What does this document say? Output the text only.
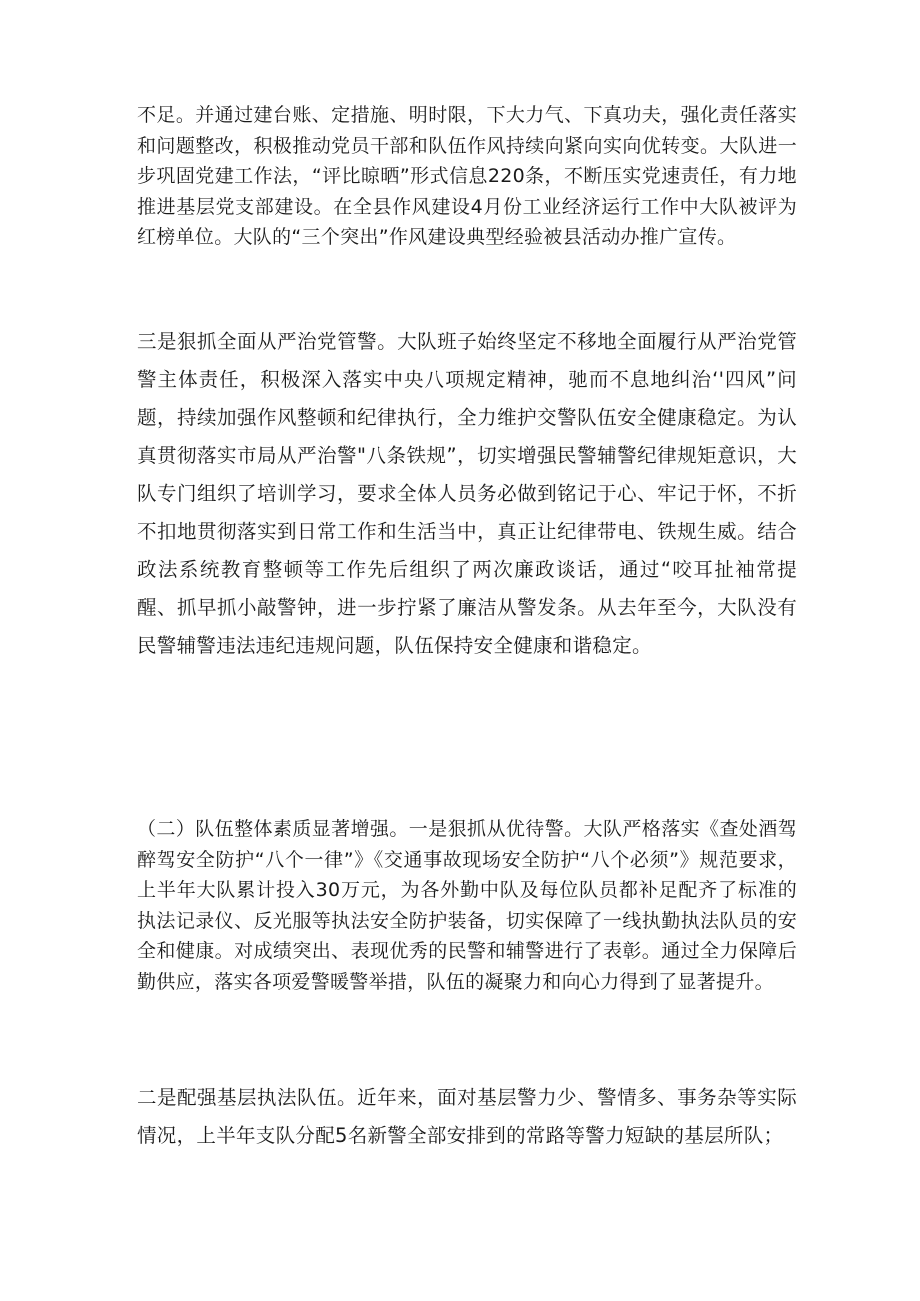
不足。并通过建台账、定措施、明时限，下大力气、下真功夫，强化责任落实和问题整改，积极推动党员干部和队伍作风持续向紧向实向优转变。大队进一步巩固党建工作法，“评比晾晒”形式信息220条，不断压实党速责任，有力地推进基层党支部建设。在全县作风建设4月份工业经济运行工作中大队被评为红榜单位。大队的“三个突出”作风建设典型经验被县活动办推广宣传。

三是狠抓全面从严治党管警。大队班子始终坚定不移地全面履行从严治党管警主体责任，积极深入落实中央八项规定精神，驰而不息地纠治‘'四风”问题，持续加强作风整顿和纪律执行，全力维护交警队伍安全健康稳定。为认真贯彻落实市局从严治警"八条铁规”，切实增强民警辅警纪律规矩意识，大队专门组织了培训学习，要求全体人员务必做到铭记于心、牢记于怀，不折不扣地贯彻落实到日常工作和生活当中，真正让纪律带电、铁规生威。结合政法系统教育整顿等工作先后组织了两次廉政谈话，通过“咬耳扯袖常提醒、抓早抓小敲警钟，进一步拧紧了廉洁从警发条。从去年至今，大队没有民警辅警违法违纪违规问题，队伍保持安全健康和谐稳定。

（二）队伍整体素质显著增强。一是狠抓从优待警。大队严格落实《查处酒驾醉驾安全防护“八个一律”》《交通事故现场安全防护“八个必须”》规范要求，上半年大队累计投入30万元，为各外勤中队及每位队员都补足配齐了标准的执法记录仪、反光服等执法安全防护装备，切实保障了一线执勤执法队员的安全和健康。对成绩突出、表现优秀的民警和辅警进行了表彰。通过全力保障后勤供应，落实各项爱警暖警举措，队伍的凝聚力和向心力得到了显著提升。

二是配强基层执法队伍。近年来，面对基层警力少、警情多、事务杂等实际情况，上半年支队分配5名新警全部安排到的常路等警力短缺的基层所队；
